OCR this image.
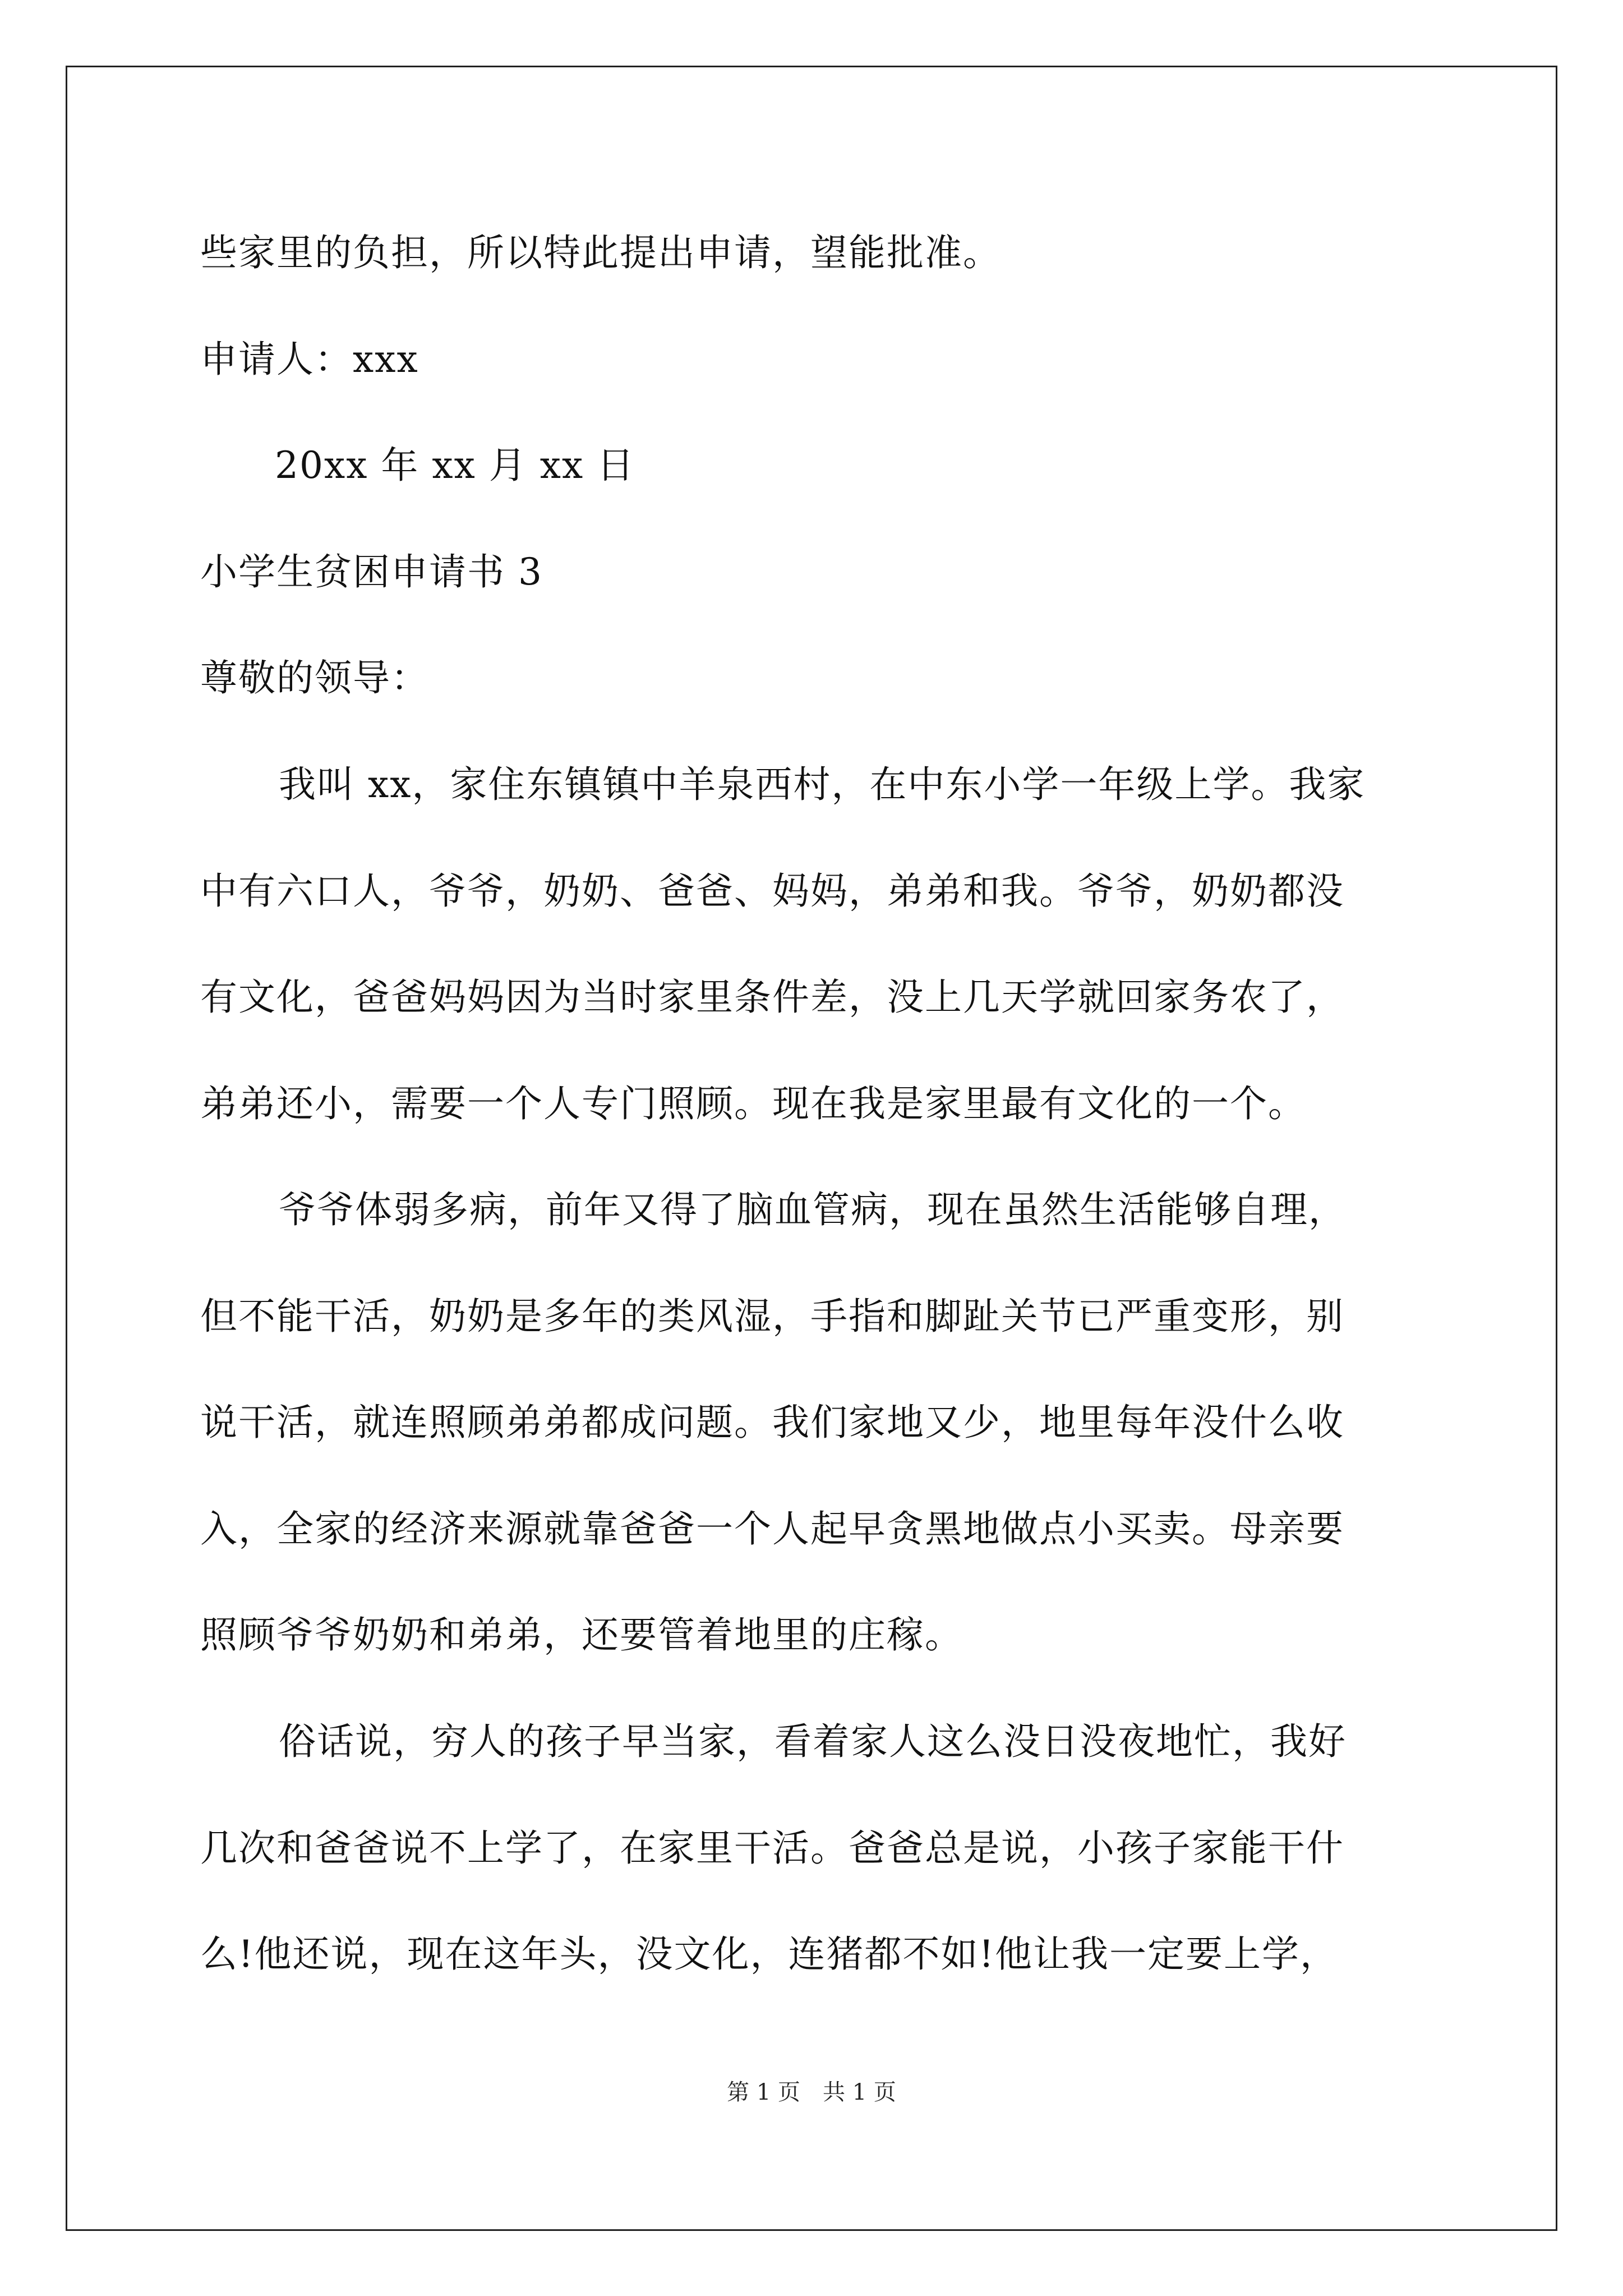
些家里的负担，所以特此提出申请，望能批准。
申请人：xxx
20xx 年 xx 月 xx 日
小学生贫困申请书 3
尊敬的领导：
我叫 xx，家住东镇镇中羊泉西村，在中东小学一年级上学。我家
中有六口人，爷爷，奶奶、爸爸、妈妈，弟弟和我。爷爷，奶奶都没
有文化，爸爸妈妈因为当时家里条件差，没上几天学就回家务农了，
弟弟还小，需要一个人专门照顾。现在我是家里最有文化的一个。
爷爷体弱多病，前年又得了脑血管病，现在虽然生活能够自理，
但不能干活，奶奶是多年的类风湿，手指和脚趾关节已严重变形，别
说干活，就连照顾弟弟都成问题。我们家地又少，地里每年没什么收
入，全家的经济来源就靠爸爸一个人起早贪黑地做点小买卖。母亲要
照顾爷爷奶奶和弟弟，还要管着地里的庄稼。
俗话说，穷人的孩子早当家，看着家人这么没日没夜地忙，我好
几次和爸爸说不上学了，在家里干活。爸爸总是说，小孩子家能干什
么!他还说，现在这年头，没文化，连猪都不如!他让我一定要上学，
第 1 页　共 1 页
